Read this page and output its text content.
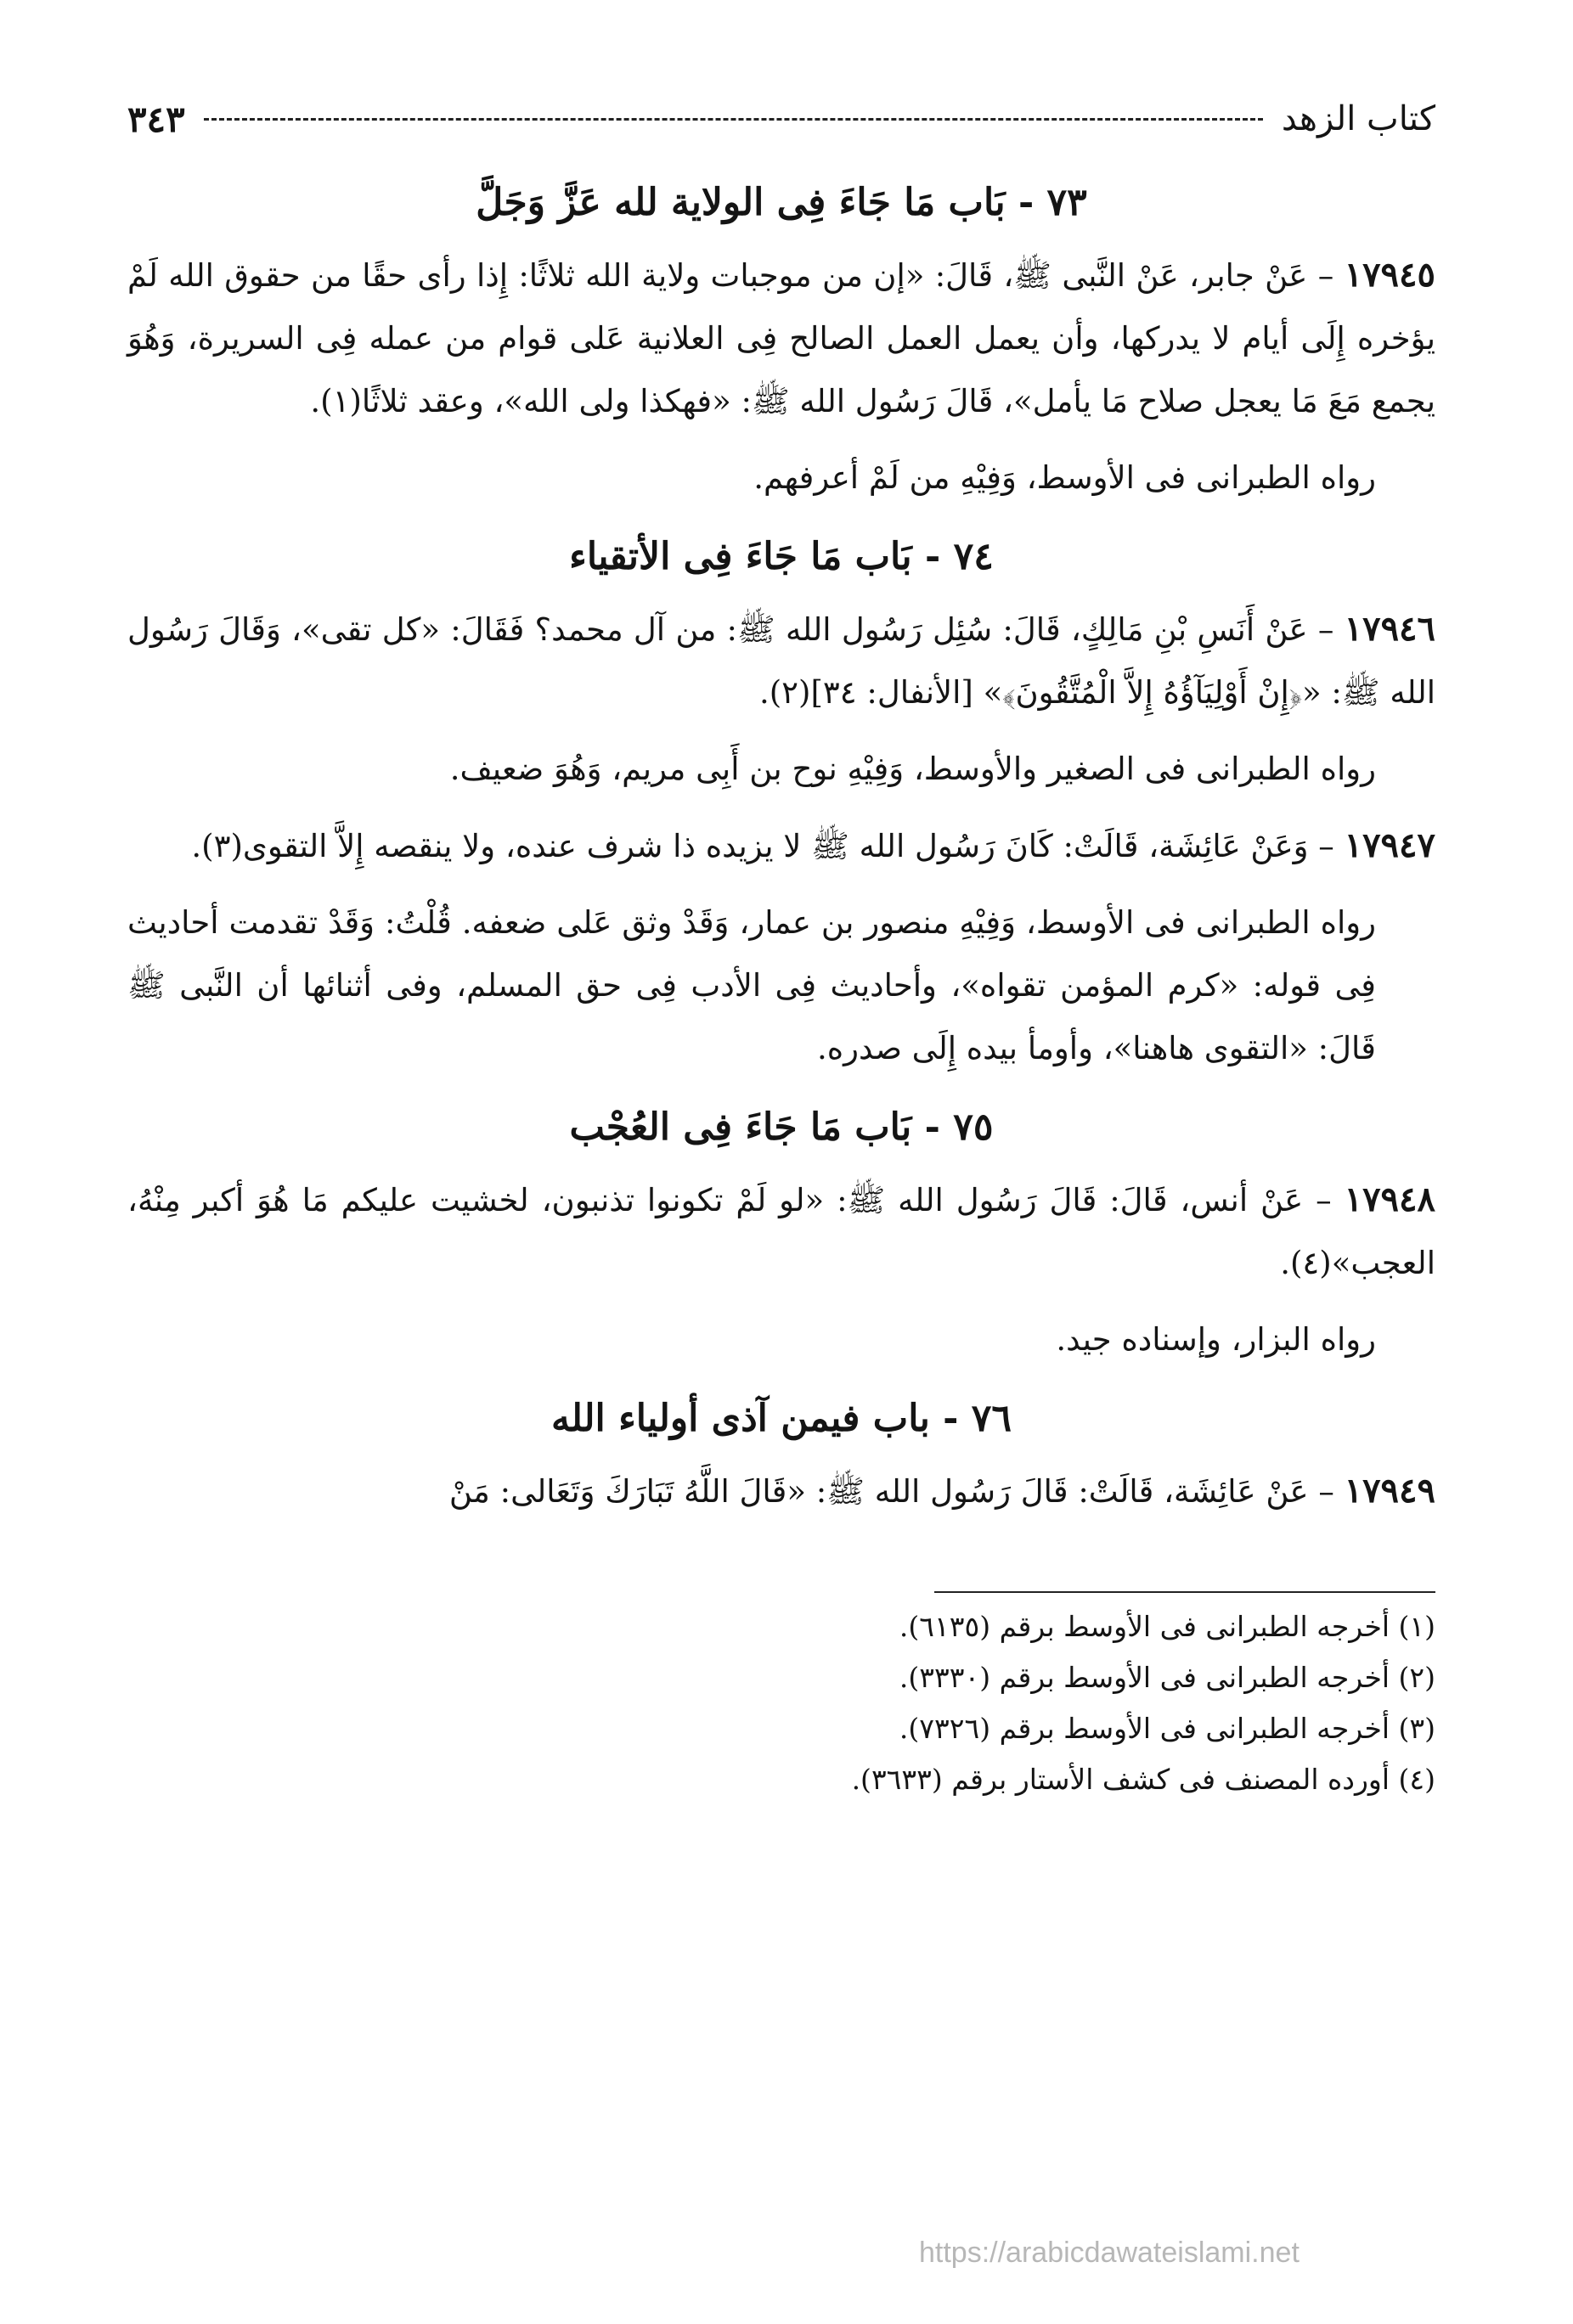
كتاب الزهد
٣٤٣
٧٣ - بَاب مَا جَاءَ فِى الولاية لله عَزَّ وَجَلَّ

١٧٩٤٥ – عَنْ جابر، عَنْ النَّبى ﷺ، قَالَ: «إن من موجبات ولاية الله ثلاثًا: إِذا رأى حقًا من حقوق الله لَمْ يؤخره إِلَى أيام لا يدركها، وأن يعمل العمل الصالح فِى العلانية عَلى قوام من عمله فِى السريرة، وَهُوَ يجمع مَعَ مَا يعجل صلاح مَا يأمل»، قَالَ رَسُول الله ﷺ: «فهكذا ولى الله»، وعقد ثلاثًا(١).

رواه الطبرانى فى الأوسط، وَفِيْهِ من لَمْ أعرفهم.

٧٤ - بَاب مَا جَاءَ فِى الأتقياء

١٧٩٤٦ – عَنْ أَنَسِ بْنِ مَالِكٍ، قَالَ: سُئِل رَسُول الله ﷺ: من آل محمد؟ فَقَالَ: «كل تقى»، وَقَالَ رَسُول الله ﷺ: «﴿إِنْ أَوْلِيَآؤُهُ إِلاَّ الْمُتَّقُونَ﴾» [الأنفال: ٣٤](٢).

رواه الطبرانى فى الصغير والأوسط، وَفِيْهِ نوح بن أَبِى مريم، وَهُوَ ضعيف.

١٧٩٤٧ – وَعَنْ عَائِشَة، قَالَتْ: كَانَ رَسُول الله ﷺ لا يزيده ذا شرف عنده، ولا ينقصه إِلاَّ التقوى(٣).

رواه الطبرانى فى الأوسط، وَفِيْهِ منصور بن عمار، وَقَدْ وثق عَلى ضعفه. قُلْتُ: وَقَدْ تقدمت أحاديث فِى قوله: «كرم المؤمن تقواه»، وأحاديث فِى الأدب فِى حق المسلم، وفى أثنائها أن النَّبى ﷺ قَالَ: «التقوى هاهنا»، وأومأ بيده إِلَى صدره.

٧٥ - بَاب مَا جَاءَ فِى العُجْب

١٧٩٤٨ – عَنْ أنس، قَالَ: قَالَ رَسُول الله ﷺ: «لو لَمْ تكونوا تذنبون، لخشيت عليكم مَا هُوَ أكبر مِنْهُ، العجب»(٤).

رواه البزار، وإسناده جيد.

٧٦ - باب فيمن آذى أولياء الله

١٧٩٤٩ – عَنْ عَائِشَة، قَالَتْ: قَالَ رَسُول الله ﷺ: «قَالَ اللَّهُ تَبَارَكَ وَتَعَالى: مَنْ

(١) أخرجه الطبرانى فى الأوسط برقم (٦١٣٥).

(٢) أخرجه الطبرانى فى الأوسط برقم (٣٣٣٠).

(٣) أخرجه الطبرانى فى الأوسط برقم (٧٣٢٦).

(٤) أورده المصنف فى كشف الأستار برقم (٣٦٣٣).

https://arabicdawateislami.net
